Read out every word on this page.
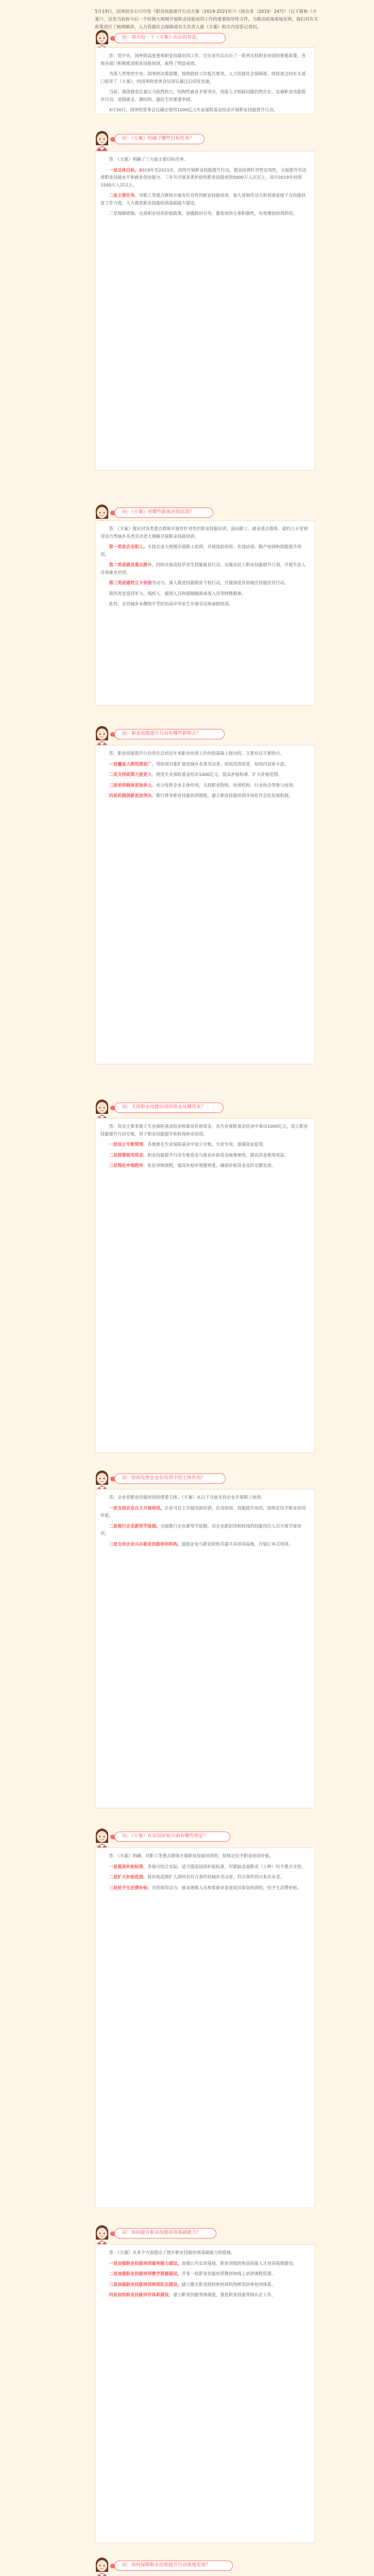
5月19日，国务院办公厅印发《职业技能提升行动方案（2019-2021年）》（国办发〔2019〕24号）（以下简称《方案》），这是当前和今后一个时期大规模开展职业技能培训工作的重要指导性文件。为推动政策落地见效，我们对有关政策进行了梳理解读，人力资源社会保障部有关负责人就《方案》相关内容答记者问。
问：请介绍一下《方案》出台的背景。

答：党中央、国务院高度重视职业技能培训工作。近年来先后出台了一系列支持职业培训的重要政策，各地各部门积极推进职业技能培训，取得了明显成效。

为深入贯彻党中央、国务院决策部署，按照政府工作报告要求，人力资源社会保障部、财政部会同有关部门起草了《方案》，经国务院常务会议审议通过后印发实施。

当前，我国就业总量压力依然较大，结构性就业矛盾突出，技能人才短缺问题仍然存在。实施职业技能提升行动，是稳就业、调结构、惠民生的重要举措。

4月30日，国务院常务会议确定使用1000亿元失业保险基金结余开展职业技能提升行动。

问：《方案》明确了哪些目标任务？

答：《方案》明确了三方面主要目标任务。

一是总体目标。2019年至2021年，持续开展职业技能提升行动，提高培训针对性实效性，全面提升劳动者职业技能水平和就业创业能力。三年共开展各类补贴性职业技能培训5000万人次以上，其中2019年培训1500万人次以上。

二是主要任务。对职工等重点群体开展有针对性的职业技能培训，加大贫困劳动力和贫困家庭子女技能扶贫工作力度，大力推进职业技能培训基础能力建设。

三是保障措施。完善职业培训补贴政策，加强政府引导，激发培训主体积极性，有效增加培训供给。

问：《方案》对哪些群体开展培训？

答：《方案》提出对各类重点群体开展有针对性的职业技能培训，面向职工、就业重点群体、建档立卡贫困劳动力等城乡各类劳动者大规模开展职业技能培训。

第一类是企业职工。支持企业大规模开展职工培训，开展岗前培训、在岗培训、脱产培训和技能提升培训。

第二类是就业重点群体。持续开展高校毕业生技能就业行动，实施农民工职业技能提升计划，开展失业人员再就业培训。

第三类是建档立卡贫困劳动力。深入推进技能脱贫千校行动，开展深度贫困地区技能扶贫行动。

第四类是退役军人、残疾人、服刑人员和强制隔离戒毒人员等特殊群体。

此外，还对城乡未继续升学的初高中毕业生开展劳动预备制培训。

问：职业技能提升行动有哪些新特点？

答：职业技能提升行动是在总结近年来职业培训工作经验基础上提出的，主要有以下新特点。

一是覆盖人群范围更广。将培训对象扩展至城乡各类劳动者，培训范围更宽，培训内容更丰富。

二是支持政策力度更大。使用失业保险基金结余1000亿元，提高补贴标准，扩大补贴范围。

三是培训载体更加多元。充分发挥企业主体作用，支持职业院校、培训机构、行业协会等参与培训。

四是机制创新更加突出。推行终身职业技能培训制度，建立职业技能培训市场化社会化发展机制。

问：支持职业技能培训的资金从哪里来？

答：资金主要来源于失业保险基金结余和就业补助资金。从失业保险基金结余中拿出1000亿元，设立职业技能提升行动专账，用于职业技能提升和转岗转业培训。

一是设立专账管理。各地要在失业保险基金中设立专账，专款专用，加强资金监管。

二是统筹使用资金。职业技能提升行动专账资金与就业补助资金统筹使用，提高资金使用效益。

三是简化申领程序。优化审核流程，提高补贴申领便利度，确保补贴资金及时足额发放。

问：如何发挥企业在培训中的主体作用？

答：企业是职业技能培训的重要主体。《方案》从以下方面支持企业开展职工培训。

一是支持企业自主开展培训。企业可自主开展岗前培训、在岗培训、技能提升培训，按规定给予职业培训补贴。

二是推行企业新型学徒制。全面推行企业新型学徒制，对企业新招用和转岗的技能岗位人员开展学徒培训。

三是支持企业兴办职业技能培训机构。鼓励企业与职业院校共建共享培训基地，开展订单式培训。

问：《方案》在培训补贴方面有哪些规定？

答：《方案》明确，对职工等重点群体开展职业技能培训的，按规定给予职业培训补贴。

一是提高补贴标准。各地可结合实际，适当提高培训补贴标准，对紧缺急需职业（工种）给予重点支持。

二是扩大补贴范围。将补贴范围扩大到所有符合条件的城乡劳动者，符合条件的可多次享受。

三是给予生活费补贴。对贫困劳动力、就业困难人员和零就业家庭成员参加培训的，给予生活费补贴。

问：如何提升职业技能培训基础能力？

答：《方案》从多个方面提出了提升职业技能培训基础能力的措施。

一是加强职业技能培训服务能力建设。加强公共实训基地、职业训练院和高技能人才培训基地建设。

二是加强职业技能培训教学资源建设。开发一批职业技能培训教材和线上培训课程资源。

三是加强职业技能培训师资队伍建设。建立健全职业院校和培训机构师资培养培训体系。

四是加快职业技能评价体系建设。建立职业技能等级制度，推进职业技能等级认定工作。

问：如何保障职业技能提升行动落地见效？
